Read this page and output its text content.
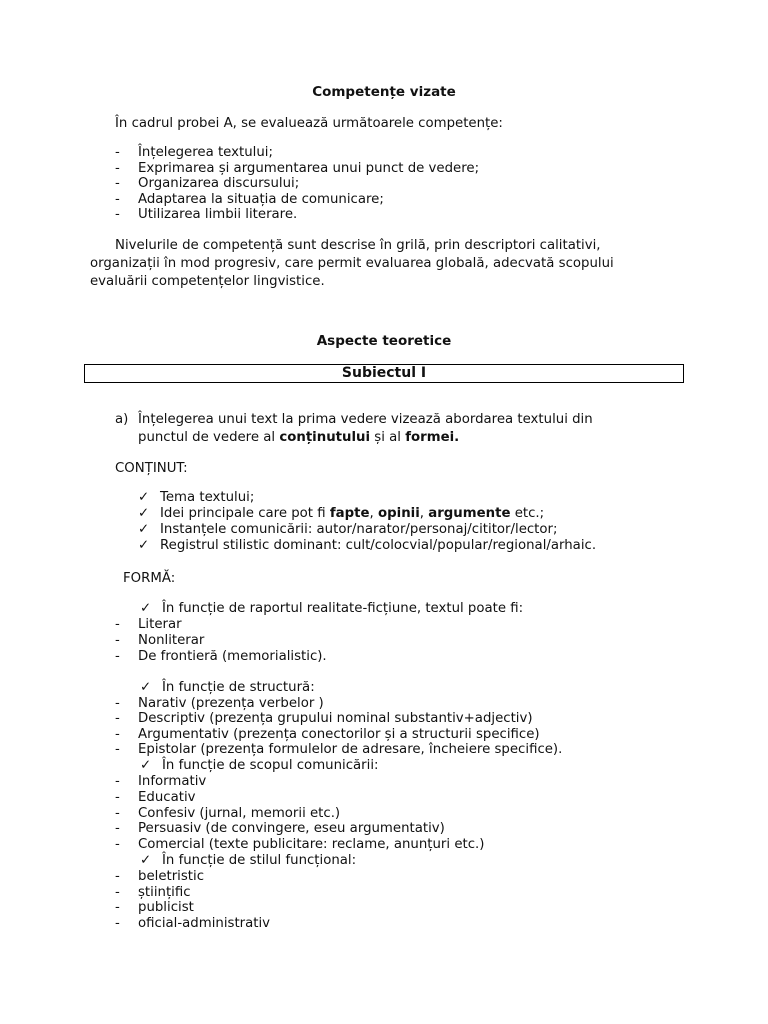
Competențe vizate
În cadrul probei A, se evaluează următoarele competențe:
- Înțelegerea textului;
- Exprimarea și argumentarea unui punct de vedere;
- Organizarea discursului;
- Adaptarea la situația de comunicare;
- Utilizarea limbii literare.
Nivelurile de competență sunt descrise în grilă, prin descriptori calitativi,
organizații în mod progresiv, care permit evaluarea globală, adecvată scopului
evaluării competențelor lingvistice.
Aspecte teoretice
Subiectul I
a) Înțelegerea unui text la prima vedere vizează abordarea textului din
punctul de vedere al conținutului și al formei.
CONȚINUT:
✓ Tema textului;
✓ Idei principale care pot fi fapte, opinii, argumente etc.;
✓ Instanțele comunicării: autor/narator/personaj/cititor/lector;
✓ Registrul stilistic dominant: cult/colocvial/popular/regional/arhaic.
FORMĂ:
✓ În funcție de raportul realitate-ficțiune, textul poate fi:
- Literar
- Nonliterar
- De frontieră (memorialistic).
✓ În funcție de structură:
- Narativ (prezența verbelor )
- Descriptiv (prezența grupului nominal substantiv+adjectiv)
- Argumentativ (prezența conectorilor și a structurii specifice)
- Epistolar (prezența formulelor de adresare, încheiere specifice).
✓ În funcție de scopul comunicării:
- Informativ
- Educativ
- Confesiv (jurnal, memorii etc.)
- Persuasiv (de convingere, eseu argumentativ)
- Comercial (texte publicitare: reclame, anunțuri etc.)
✓ În funcție de stilul funcțional:
- beletristic
- științific
- publicist
- oficial-administrativ
